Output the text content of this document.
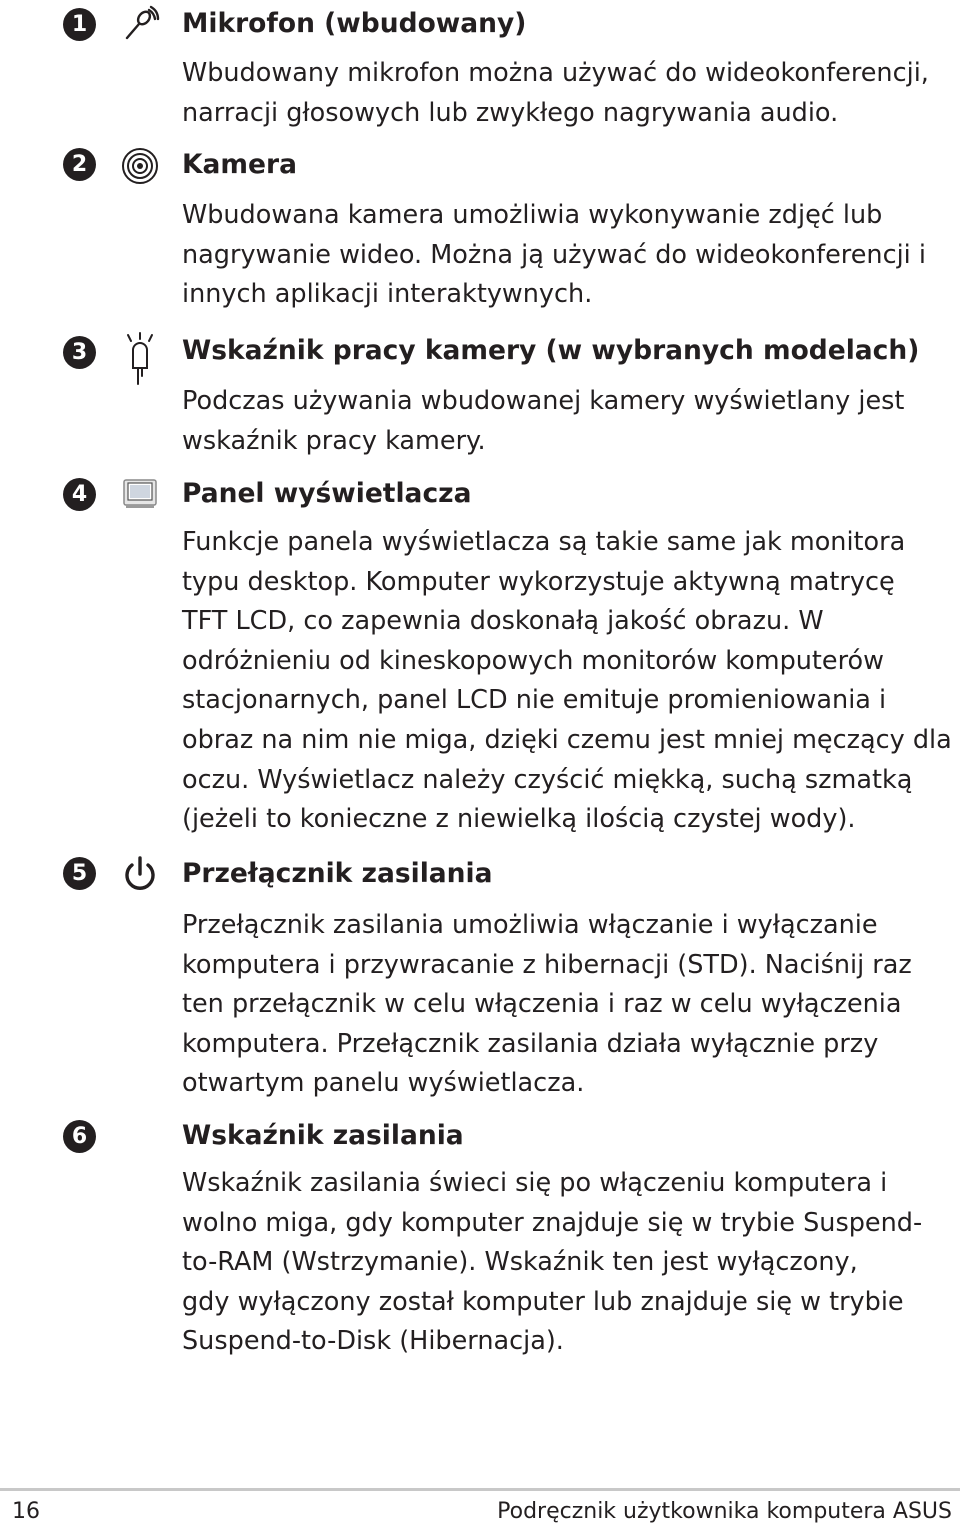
1	Mikrofon (wbudowany)
Wbudowany mikrofon można używać do wideokonferencji,
narracji głosowych lub zwykłego nagrywania audio.
2	Kamera
Wbudowana kamera umożliwia wykonywanie zdjęć lub
nagrywanie wideo. Można ją używać do wideokonferencji i
innych aplikacji interaktywnych.
3	Wskaźnik pracy kamery (w wybranych modelach)
Podczas używania wbudowanej kamery wyświetlany jest
wskaźnik pracy kamery.
4	Panel wyświetlacza
Funkcje panela wyświetlacza są takie same jak monitora
typu desktop. Komputer wykorzystuje aktywną matrycę
TFT LCD, co zapewnia doskonałą jakość obrazu. W
odróżnieniu od kineskopowych monitorów komputerów
stacjonarnych, panel LCD nie emituje promieniowania i
obraz na nim nie miga, dzięki czemu jest mniej męczący dla
oczu. Wyświetlacz należy czyścić miękką, suchą szmatką
(jeżeli to konieczne z niewielką ilością czystej wody).
5	Przełącznik zasilania
Przełącznik zasilania umożliwia włączanie i wyłączanie
komputera i przywracanie z hibernacji (STD). Naciśnij raz
ten przełącznik w celu włączenia i raz w celu wyłączenia
komputera. Przełącznik zasilania działa wyłącznie przy
otwartym panelu wyświetlacza.
6	Wskaźnik zasilania
Wskaźnik zasilania świeci się po włączeniu komputera i
wolno miga, gdy komputer znajduje się w trybie Suspend-
to-RAM (Wstrzymanie). Wskaźnik ten jest wyłączony,
gdy wyłączony został komputer lub znajduje się w trybie
Suspend-to-Disk (Hibernacja).
16	Podręcznik użytkownika komputera ASUS
